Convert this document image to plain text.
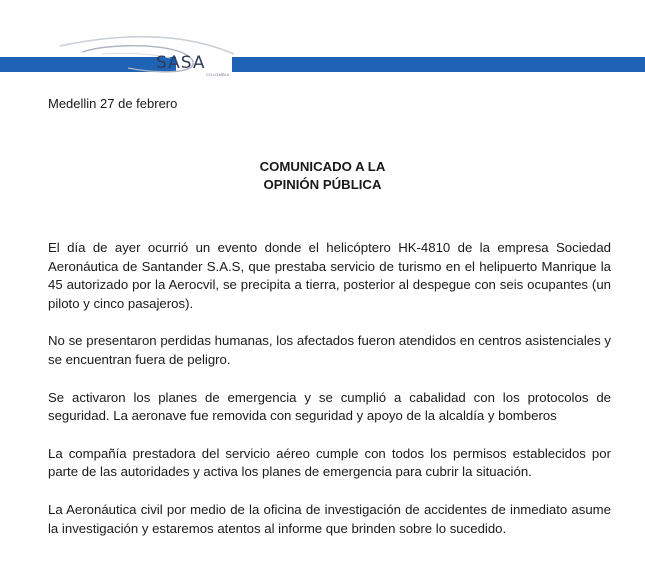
SASA
COLOMBIA
Medellin 27 de febrero
COMUNICADO A LA
OPINIÓN PÚBLICA

El día de ayer ocurrió un evento donde el helicóptero HK-4810 de la empresa Sociedad Aeronáutica de Santander S.A.S, que prestaba servicio de turismo en el helipuerto Manrique la 45 autorizado por la Aerocvil, se precipita a tierra, posterior al despegue con seis ocupantes (un piloto y cinco pasajeros).

No se presentaron perdidas humanas, los afectados fueron atendidos en centros asistenciales y se encuentran fuera de peligro.

Se activaron los planes de emergencia y se cumplió a cabalidad con los protocolos de seguridad. La aeronave fue removida con seguridad y apoyo de la alcaldía y bomberos

La compañía prestadora del servicio aéreo cumple con todos los permisos establecidos por parte de las autoridades y activa los planes de emergencia para cubrir la situación.

La Aeronáutica civil por medio de la oficina de investigación de accidentes de inmediato asume la investigación y estaremos atentos al informe que brinden sobre lo sucedido.
